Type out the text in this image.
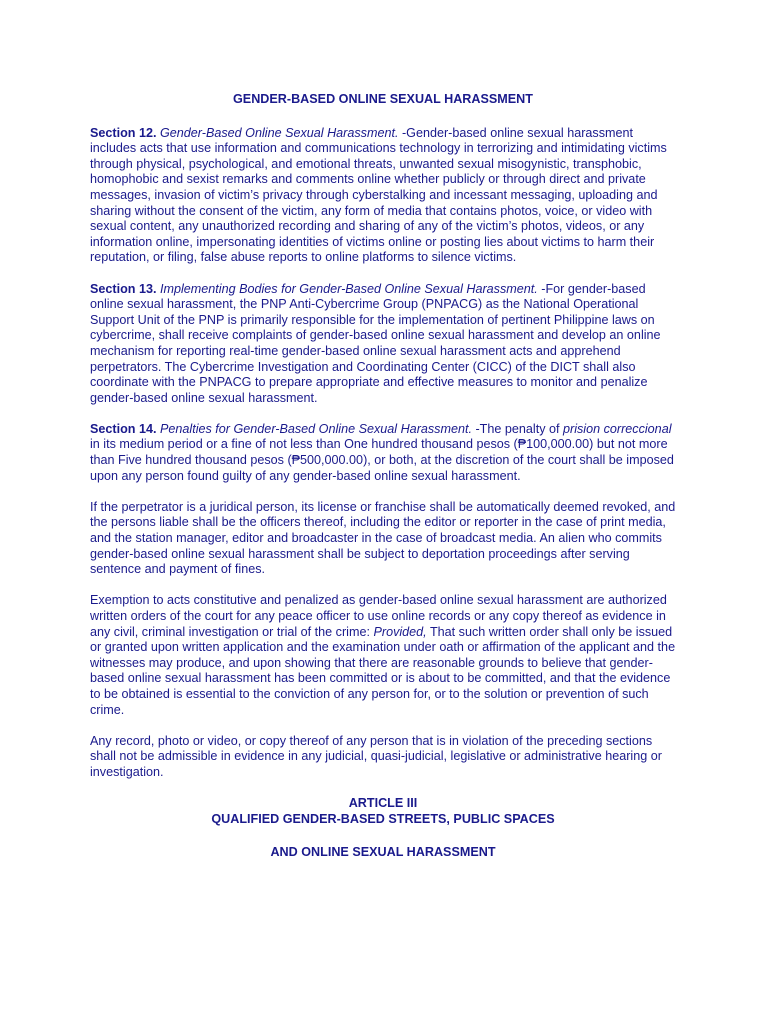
GENDER-BASED ONLINE SEXUAL HARASSMENT

Section 12. Gender-Based Online Sexual Harassment. -Gender-based online sexual harassment includes acts that use information and communications technology in terrorizing and intimidating victims through physical, psychological, and emotional threats, unwanted sexual misogynistic, transphobic, homophobic and sexist remarks and comments online whether publicly or through direct and private messages, invasion of victim’s privacy through cyberstalking and incessant messaging, uploading and sharing without the consent of the victim, any form of media that contains photos, voice, or video with sexual content, any unauthorized recording and sharing of any of the victim’s photos, videos, or any information online, impersonating identities of victims online or posting lies about victims to harm their reputation, or filing, false abuse reports to online platforms to silence victims.

Section 13. Implementing Bodies for Gender-Based Online Sexual Harassment. -For gender-based online sexual harassment, the PNP Anti-Cybercrime Group (PNPACG) as the National Operational Support Unit of the PNP is primarily responsible for the implementation of pertinent Philippine laws on cybercrime, shall receive complaints of gender-based online sexual harassment and develop an online mechanism for reporting real-time gender-based online sexual harassment acts and apprehend perpetrators. The Cybercrime Investigation and Coordinating Center (CICC) of the DICT shall also coordinate with the PNPACG to prepare appropriate and effective measures to monitor and penalize gender-based online sexual harassment.

Section 14. Penalties for Gender-Based Online Sexual Harassment. -The penalty of prision correccional in its medium period or a fine of not less than One hundred thousand pesos (₱100,000.00) but not more than Five hundred thousand pesos (₱500,000.00), or both, at the discretion of the court shall be imposed upon any person found guilty of any gender-based online sexual harassment.

If the perpetrator is a juridical person, its license or franchise shall be automatically deemed revoked, and the persons liable shall be the officers thereof, including the editor or reporter in the case of print media, and the station manager, editor and broadcaster in the case of broadcast media. An alien who commits gender-based online sexual harassment shall be subject to deportation proceedings after serving sentence and payment of fines.

Exemption to acts constitutive and penalized as gender-based online sexual harassment are authorized written orders of the court for any peace officer to use online records or any copy thereof as evidence in any civil, criminal investigation or trial of the crime: Provided, That such written order shall only be issued or granted upon written application and the examination under oath or affirmation of the applicant and the witnesses may produce, and upon showing that there are reasonable grounds to believe that gender-based online sexual harassment has been committed or is about to be committed, and that the evidence to be obtained is essential to the conviction of any person for, or to the solution or prevention of such crime.

Any record, photo or video, or copy thereof of any person that is in violation of the preceding sections shall not be admissible in evidence in any judicial, quasi-judicial, legislative or administrative hearing or investigation.

ARTICLE III
QUALIFIED GENDER-BASED STREETS, PUBLIC SPACES
AND ONLINE SEXUAL HARASSMENT
